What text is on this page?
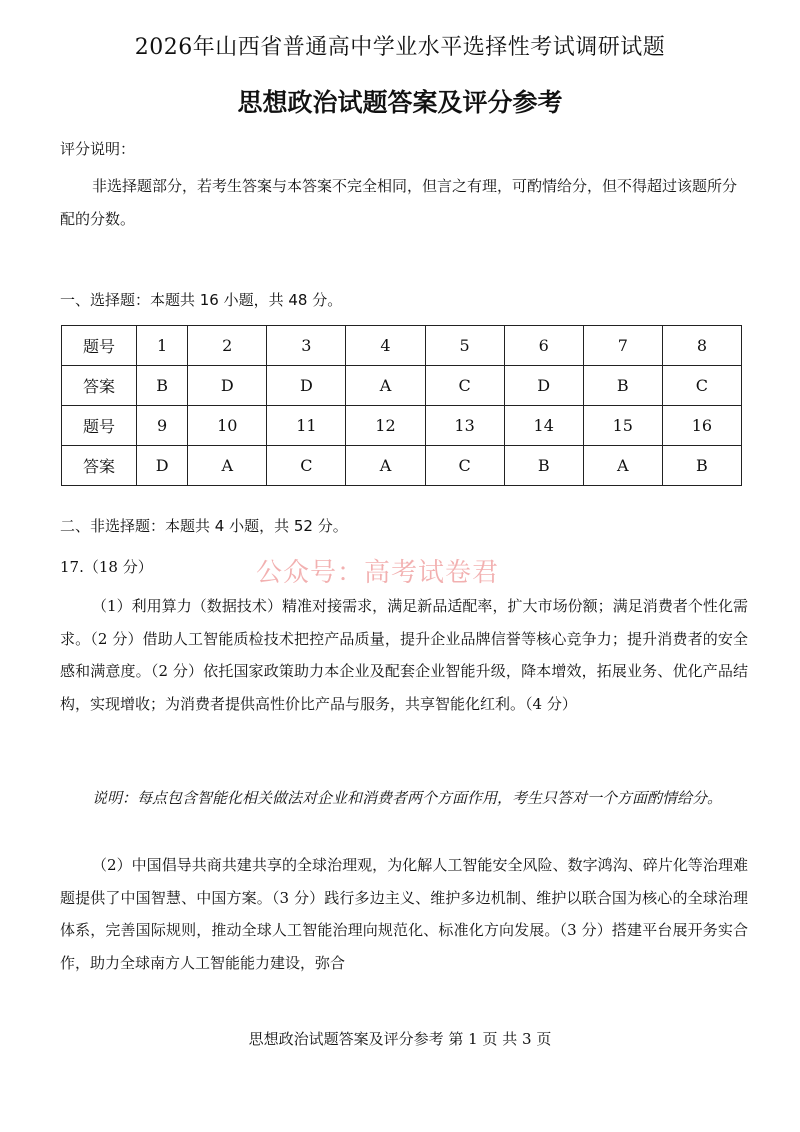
2026年山西省普通高中学业水平选择性考试调研试题
思想政治试题答案及评分参考
评分说明：
非选择题部分，若考生答案与本答案不完全相同，但言之有理，可酌情给分，但不得超过该题所分配的分数。
一、选择题：本题共 16 小题，共 48 分。
题号	1	2	3	4	5	6	7	8
答案	B	D	D	A	C	D	B	C
题号	9	10	11	12	13	14	15	16
答案	D	A	C	A	C	B	A	B
二、非选择题：本题共 4 小题，共 52 分。
17.（18 分）	公众号：高考试卷君
（1）利用算力（数据技术）精准对接需求，满足新品适配率，扩大市场份额；满足消费者个性化需求。（2 分）借助人工智能质检技术把控产品质量，提升企业品牌信誉等核心竞争力；提升消费者的安全感和满意度。（2 分）依托国家政策助力本企业及配套企业智能升级，降本增效，拓展业务、优化产品结构，实现增收；为消费者提供高性价比产品与服务，共享智能化红利。（4 分）
说明：每点包含智能化相关做法对企业和消费者两个方面作用，考生只答对一个方面酌情给分。
（2）中国倡导共商共建共享的全球治理观，为化解人工智能安全风险、数字鸿沟、碎片化等治理难题提供了中国智慧、中国方案。（3 分）践行多边主义、维护多边机制、维护以联合国为核心的全球治理体系，完善国际规则，推动全球人工智能治理向规范化、标准化方向发展。（3 分）搭建平台展开务实合作，助力全球南方人工智能能力建设，弥合
思想政治试题答案及评分参考 第 1 页 共 3 页
